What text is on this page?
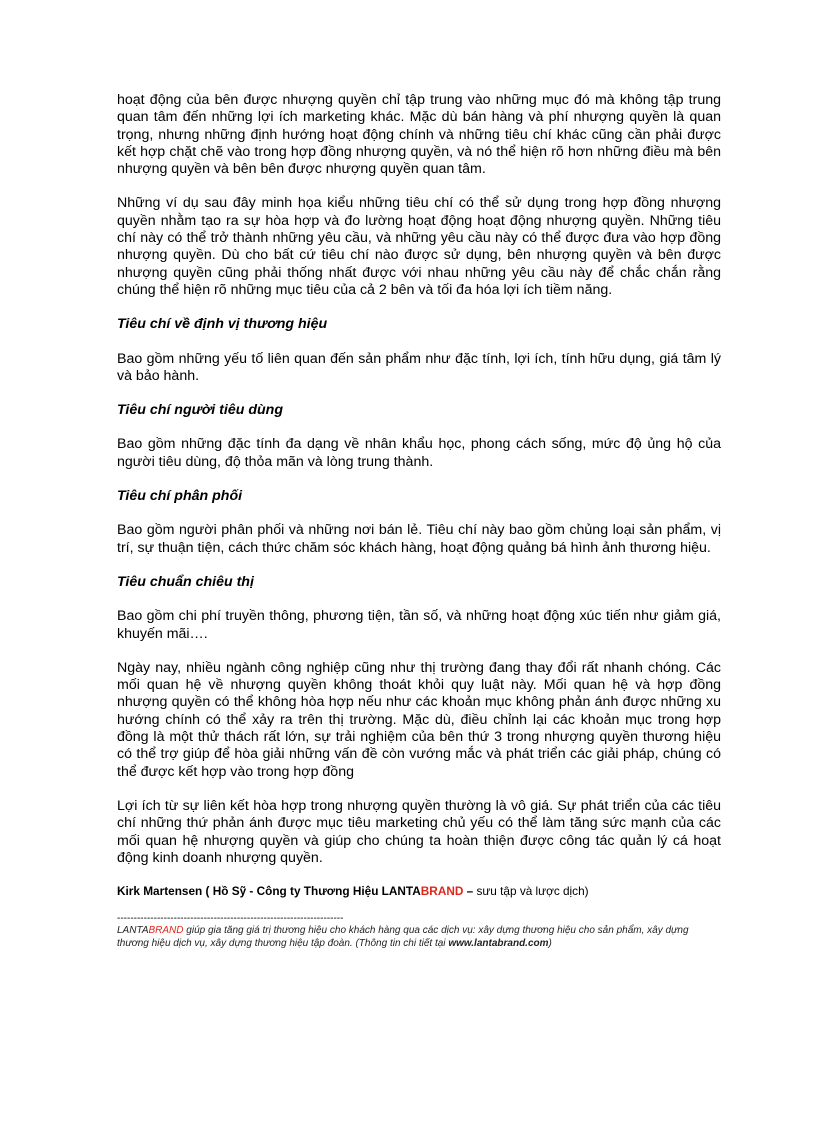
hoạt động của bên được nhượng quyền chỉ tập trung vào những mục đó mà không tập trung quan tâm đến những lợi ích marketing khác. Mặc dù bán hàng và phí nhượng quyền là quan trọng, nhưng những định hướng hoạt động chính và những tiêu chí khác cũng cần phải được kết hợp chặt chẽ vào trong hợp đồng nhượng quyền, và nó thể hiện rõ hơn những điều mà bên nhượng quyền và bên bên được nhượng quyền quan tâm.

Những ví dụ sau đây minh họa kiểu những tiêu chí có thể sử dụng trong hợp đồng nhượng quyền nhằm tạo ra sự hòa hợp và đo lường hoạt động hoạt động nhượng quyền. Những tiêu chí này có thể trở thành những yêu cầu, và những yêu cầu này có thể được đưa vào hợp đồng nhượng quyền. Dù cho bất cứ tiêu chí nào được sử dụng, bên nhượng quyền và bên được nhượng quyền cũng phải thống nhất được với nhau những yêu cầu này để chắc chắn rằng chúng thể hiện rõ những mục tiêu của cả 2 bên và tối đa hóa lợi ích tiềm năng.

Tiêu chí về định vị thương hiệu

Bao gồm những yếu tố liên quan đến sản phẩm như đặc tính, lợi ích, tính hữu dụng, giá tâm lý và bảo hành.

Tiêu chí người tiêu dùng

Bao gồm những đặc tính đa dạng về nhân khẩu học, phong cách sống, mức độ ủng hộ của người tiêu dùng, độ thỏa mãn và lòng trung thành.

Tiêu chí phân phối

Bao gồm người phân phối và những nơi bán lẻ. Tiêu chí này bao gồm chủng loại sản phẩm, vị trí, sự thuận tiện, cách thức chăm sóc khách hàng, hoạt động quảng bá hình ảnh thương hiệu.

Tiêu chuẩn chiêu thị

Bao gồm chi phí truyền thông, phương tiện, tần số, và những hoạt động xúc tiến như giảm giá, khuyến mãi….

Ngày nay, nhiều ngành công nghiệp cũng như thị trường đang thay đổi rất nhanh chóng. Các mối quan hệ về nhượng quyền không thoát khỏi quy luật này. Mối quan hệ và hợp đồng nhượng quyền có thể không hòa hợp nếu như các khoản mục không phản ánh được những xu hướng chính có thể xảy ra trên thị trường. Mặc dù, điều chỉnh lại các khoản mục trong hợp đồng là một thử thách rất lớn, sự trải nghiệm của bên thứ 3 trong nhượng quyền thương hiệu có thể trợ giúp để hòa giải những vấn đề còn vướng mắc và phát triển các giải pháp, chúng có thể được kết hợp vào trong hợp đồng

Lợi ích từ sự liên kết hòa hợp trong nhượng quyền thường là vô giá. Sự phát triển của các tiêu chí những thứ phản ánh được mục tiêu marketing chủ yếu có thể làm tăng sức mạnh của các mối quan hệ nhượng quyền và giúp cho chúng ta hoàn thiện được công tác quản lý cá hoạt động kinh doanh nhượng quyền.

Kirk Martensen ( Hồ Sỹ - Công ty Thương Hiệu LANTABRAND – sưu tập và lược dịch)
--------------------------------------------------------------------
LANTABRAND giúp gia tăng giá trị thương hiệu cho khách hàng qua các dịch vụ: xây dựng thương hiệu cho sản phẩm, xây dựng thương hiệu dịch vụ, xây dựng thương hiệu tập đoàn. (Thông tin chi tiết tại www.lantabrand.com)
